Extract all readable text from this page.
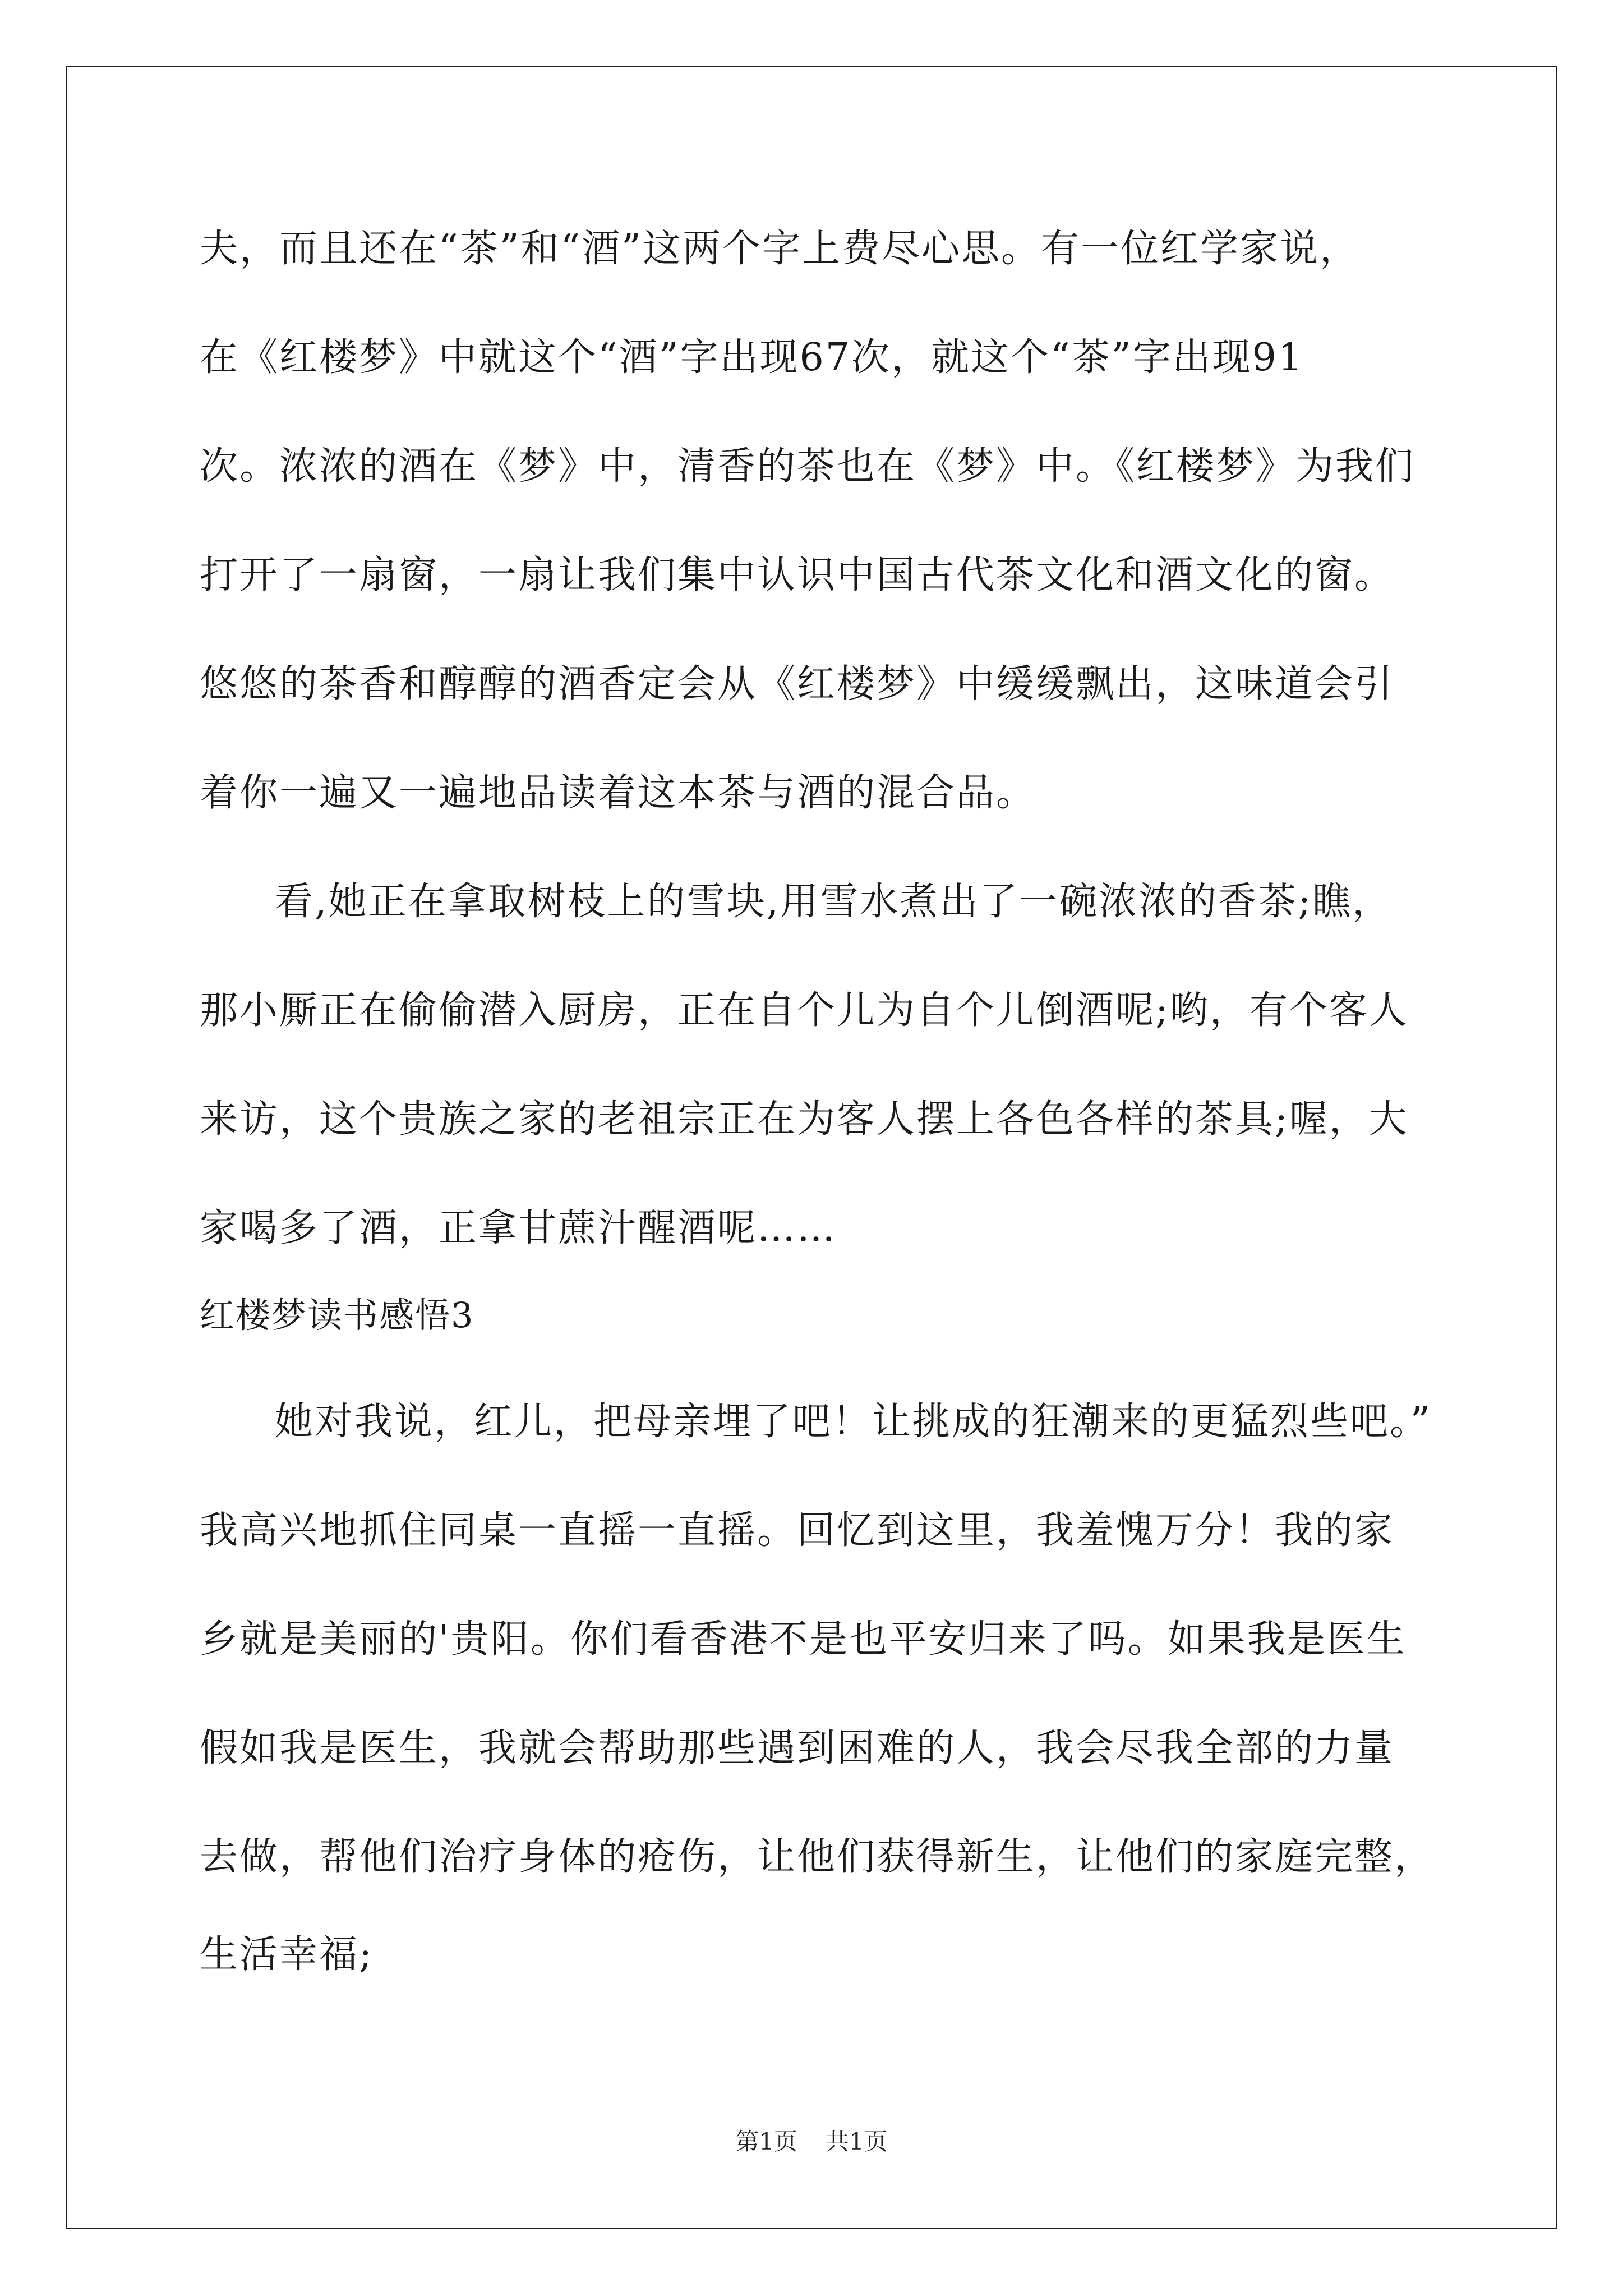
夫，而且还在“茶”和“酒”这两个字上费尽心思。有一位红学家说，
在《红楼梦》中就这个“酒”字出现67次，就这个“茶”字出现91
次。浓浓的酒在《梦》中，清香的茶也在《梦》中。《红楼梦》为我们
打开了一扇窗，一扇让我们集中认识中国古代茶文化和酒文化的窗。
悠悠的茶香和醇醇的酒香定会从《红楼梦》中缓缓飘出，这味道会引
着你一遍又一遍地品读着这本茶与酒的混合品。
看,她正在拿取树枝上的雪块,用雪水煮出了一碗浓浓的香茶;瞧，
那小厮正在偷偷潜入厨房，正在自个儿为自个儿倒酒呢;哟，有个客人
来访，这个贵族之家的老祖宗正在为客人摆上各色各样的茶具;喔，大
家喝多了酒，正拿甘蔗汁醒酒呢……
红楼梦读书感悟3
她对我说，红儿，把母亲埋了吧！让挑成的狂潮来的更猛烈些吧。”
我高兴地抓住同桌一直摇一直摇。回忆到这里，我羞愧万分！我的家
乡就是美丽的'贵阳。你们看香港不是也平安归来了吗。如果我是医生
假如我是医生，我就会帮助那些遇到困难的人，我会尽我全部的力量
去做，帮他们治疗身体的疮伤，让他们获得新生，让他们的家庭完整，
生活幸福;
第1页 共1页
